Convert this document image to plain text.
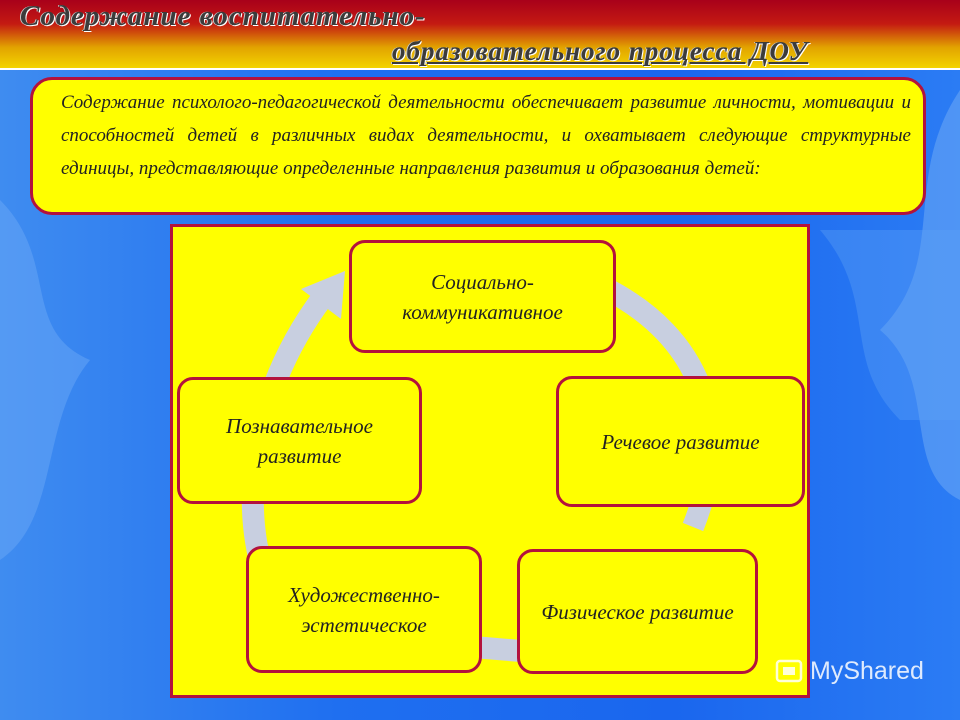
Содержание воспитательно-
образовательного процесса ДОУ

Содержание психолого-педагогической деятельности обеспечивает развитие личности, мотивации и способностей детей в различных видах деятельности, и охватывает следующие структурные единицы, представляющие определенные направления развития и образования детей:

Социально-коммуникативное
Речевое развитие
Физическое развитие
Художественно-эстетическое
Познавательное развитие
MyShared
